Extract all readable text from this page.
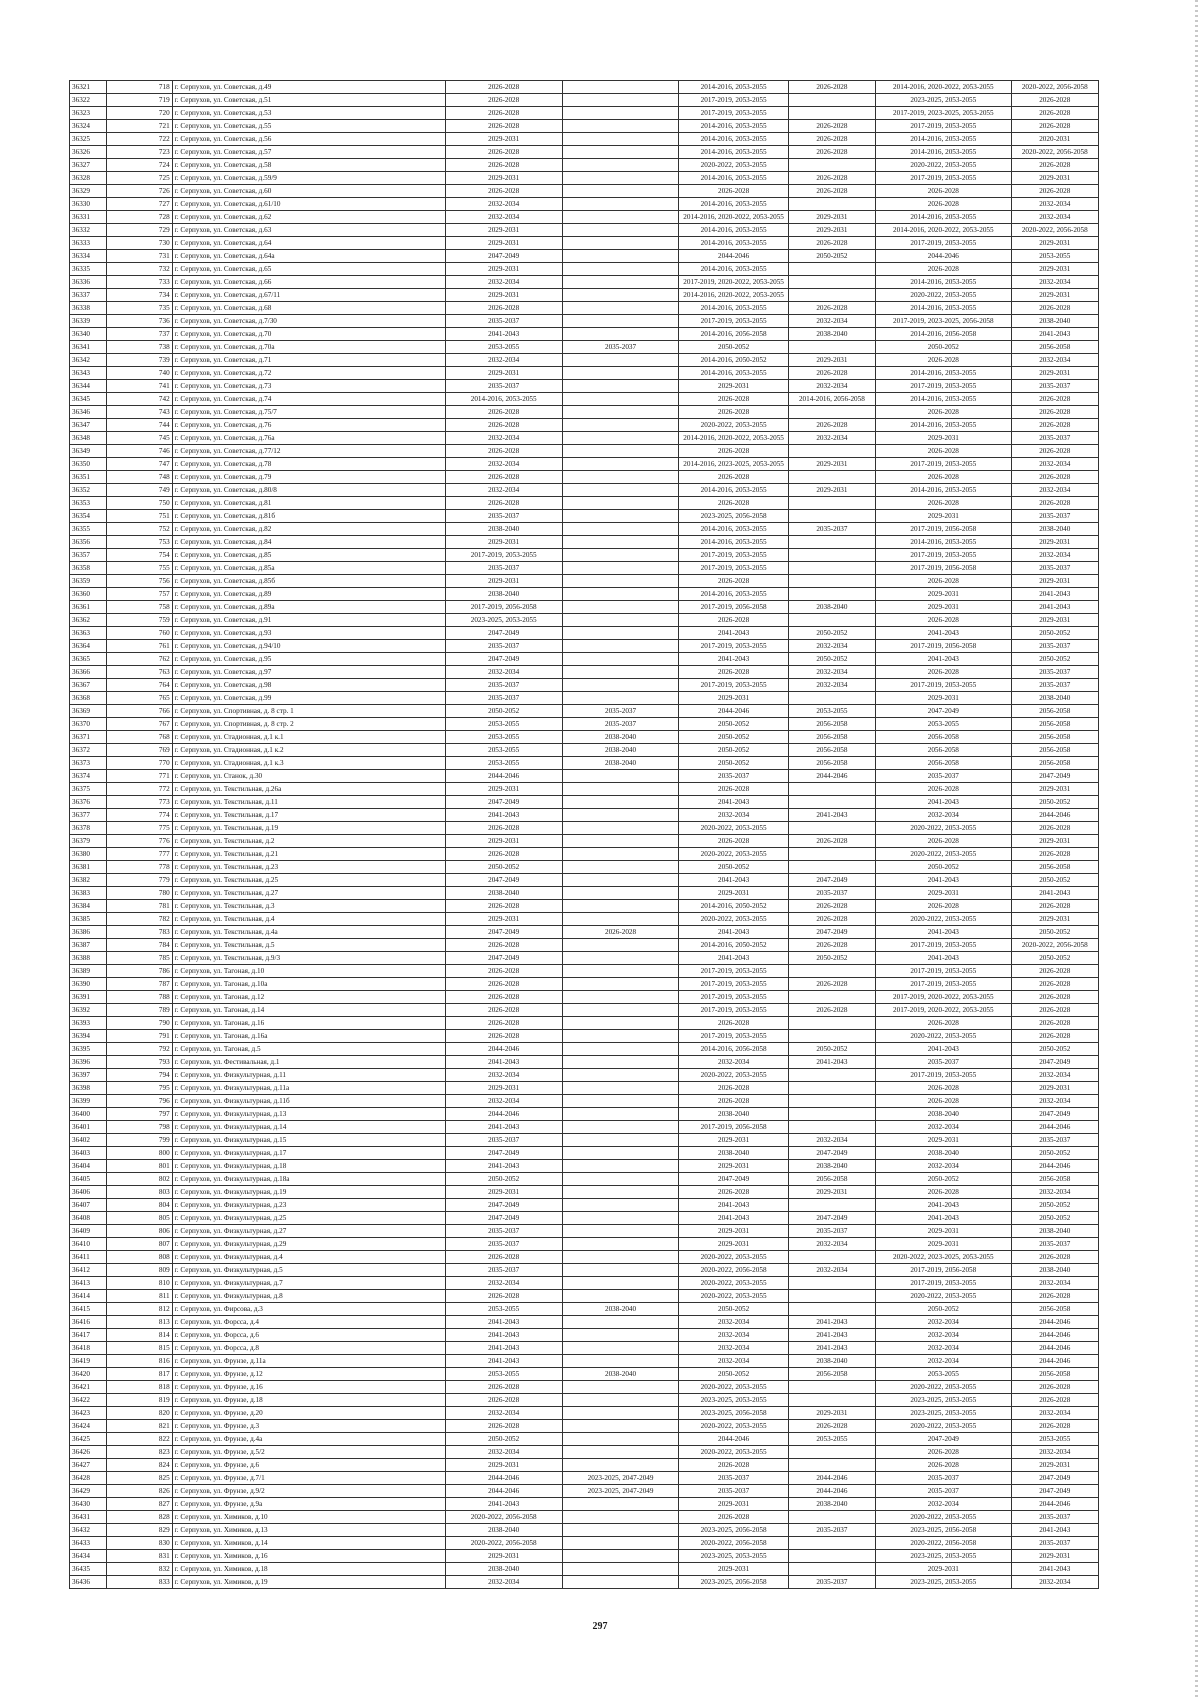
36321	718	г. Серпухов, ул. Советская, д.49	2026-2028		2014-2016, 2053-2055	2026-2028	2014-2016, 2020-2022, 2053-2055	2020-2022, 2056-2058
36322	719	г. Серпухов, ул. Советская, д.51	2026-2028		2017-2019, 2053-2055		2023-2025, 2053-2055	2026-2028
36323	720	г. Серпухов, ул. Советская, д.53	2026-2028		2017-2019, 2053-2055		2017-2019, 2023-2025, 2053-2055	2026-2028
36324	721	г. Серпухов, ул. Советская, д.55	2026-2028		2014-2016, 2053-2055	2026-2028	2017-2019, 2053-2055	2026-2028
36325	722	г. Серпухов, ул. Советская, д.56	2029-2031		2014-2016, 2053-2055	2026-2028	2014-2016, 2053-2055	2020-2031
36326	723	г. Серпухов, ул. Советская, д.57	2026-2028		2014-2016, 2053-2055	2026-2028	2014-2016, 2053-2055	2020-2022, 2056-2058
36327	724	г. Серпухов, ул. Советская, д.58	2026-2028		2020-2022, 2053-2055		2020-2022, 2053-2055	2026-2028
36328	725	г. Серпухов, ул. Советская, д.59/9	2029-2031		2014-2016, 2053-2055	2026-2028	2017-2019, 2053-2055	2029-2031
36329	726	г. Серпухов, ул. Советская, д.60	2026-2028		2026-2028	2026-2028	2026-2028	2026-2028
36330	727	г. Серпухов, ул. Советская, д.61/10	2032-2034		2014-2016, 2053-2055		2026-2028	2032-2034
36331	728	г. Серпухов, ул. Советская, д.62	2032-2034		2014-2016, 2020-2022, 2053-2055	2029-2031	2014-2016, 2053-2055	2032-2034
36332	729	г. Серпухов, ул. Советская, д.63	2029-2031		2014-2016, 2053-2055	2029-2031	2014-2016, 2020-2022, 2053-2055	2020-2022, 2056-2058
36333	730	г. Серпухов, ул. Советская, д.64	2029-2031		2014-2016, 2053-2055	2026-2028	2017-2019, 2053-2055	2029-2031
36334	731	г. Серпухов, ул. Советская, д.64а	2047-2049		2044-2046	2050-2052	2044-2046	2053-2055
36335	732	г. Серпухов, ул. Советская, д.65	2029-2031		2014-2016, 2053-2055		2026-2028	2029-2031
36336	733	г. Серпухов, ул. Советская, д.66	2032-2034		2017-2019, 2020-2022, 2053-2055		2014-2016, 2053-2055	2032-2034
36337	734	г. Серпухов, ул. Советская, д.67/11	2029-2031		2014-2016, 2020-2022, 2053-2055		2020-2022, 2053-2055	2029-2031
36338	735	г. Серпухов, ул. Советская, д.68	2026-2028		2014-2016, 2053-2055	2026-2028	2014-2016, 2053-2055	2026-2028
36339	736	г. Серпухов, ул. Советская, д.7/30	2035-2037		2017-2019, 2053-2055	2032-2034	2017-2019, 2023-2025, 2056-2058	2038-2040
36340	737	г. Серпухов, ул. Советская, д.70	2041-2043		2014-2016, 2056-2058	2038-2040	2014-2016, 2056-2058	2041-2043
36341	738	г. Серпухов, ул. Советская, д.70а	2053-2055	2035-2037	2050-2052		2050-2052	2056-2058
36342	739	г. Серпухов, ул. Советская, д.71	2032-2034		2014-2016, 2050-2052	2029-2031	2026-2028	2032-2034
36343	740	г. Серпухов, ул. Советская, д.72	2029-2031		2014-2016, 2053-2055	2026-2028	2014-2016, 2053-2055	2029-2031
36344	741	г. Серпухов, ул. Советская, д.73	2035-2037		2029-2031	2032-2034	2017-2019, 2053-2055	2035-2037
36345	742	г. Серпухов, ул. Советская, д.74	2014-2016, 2053-2055		2026-2028	2014-2016, 2056-2058	2014-2016, 2053-2055	2026-2028
36346	743	г. Серпухов, ул. Советская, д.75/7	2026-2028		2026-2028		2026-2028	2026-2028
36347	744	г. Серпухов, ул. Советская, д.76	2026-2028		2020-2022, 2053-2055	2026-2028	2014-2016, 2053-2055	2026-2028
36348	745	г. Серпухов, ул. Советская, д.76а	2032-2034		2014-2016, 2020-2022, 2053-2055	2032-2034	2029-2031	2035-2037
36349	746	г. Серпухов, ул. Советская, д.77/12	2026-2028		2026-2028		2026-2028	2026-2028
36350	747	г. Серпухов, ул. Советская, д.78	2032-2034		2014-2016, 2023-2025, 2053-2055	2029-2031	2017-2019, 2053-2055	2032-2034
36351	748	г. Серпухов, ул. Советская, д.79	2026-2028		2026-2028		2026-2028	2026-2028
36352	749	г. Серпухов, ул. Советская, д.80/8	2032-2034		2014-2016, 2053-2055	2029-2031	2014-2016, 2053-2055	2032-2034
36353	750	г. Серпухов, ул. Советская, д.81	2026-2028		2026-2028		2026-2028	2026-2028
36354	751	г. Серпухов, ул. Советская, д.81б	2035-2037		2023-2025, 2056-2058		2029-2031	2035-2037
36355	752	г. Серпухов, ул. Советская, д.82	2038-2040		2014-2016, 2053-2055	2035-2037	2017-2019, 2056-2058	2038-2040
36356	753	г. Серпухов, ул. Советская, д.84	2029-2031		2014-2016, 2053-2055		2014-2016, 2053-2055	2029-2031
36357	754	г. Серпухов, ул. Советская, д.85	2017-2019, 2053-2055		2017-2019, 2053-2055		2017-2019, 2053-2055	2032-2034
36358	755	г. Серпухов, ул. Советская, д.85а	2035-2037		2017-2019, 2053-2055		2017-2019, 2056-2058	2035-2037
36359	756	г. Серпухов, ул. Советская, д.85б	2029-2031		2026-2028		2026-2028	2029-2031
36360	757	г. Серпухов, ул. Советская, д.89	2038-2040		2014-2016, 2053-2055		2029-2031	2041-2043
36361	758	г. Серпухов, ул. Советская, д.89а	2017-2019, 2056-2058		2017-2019, 2056-2058	2038-2040	2029-2031	2041-2043
36362	759	г. Серпухов, ул. Советская, д.91	2023-2025, 2053-2055		2026-2028		2026-2028	2029-2031
36363	760	г. Серпухов, ул. Советская, д.93	2047-2049		2041-2043	2050-2052	2041-2043	2050-2052
36364	761	г. Серпухов, ул. Советская, д.94/10	2035-2037		2017-2019, 2053-2055	2032-2034	2017-2019, 2056-2058	2035-2037
36365	762	г. Серпухов, ул. Советская, д.95	2047-2049		2041-2043	2050-2052	2041-2043	2050-2052
36366	763	г. Серпухов, ул. Советская, д.97	2032-2034		2026-2028	2032-2034	2026-2028	2035-2037
36367	764	г. Серпухов, ул. Советская, д.98	2035-2037		2017-2019, 2053-2055	2032-2034	2017-2019, 2053-2055	2035-2037
36368	765	г. Серпухов, ул. Советская, д.99	2035-2037		2029-2031		2029-2031	2038-2040
36369	766	г. Серпухов, ул. Спортивная, д. 8 стр. 1	2050-2052	2035-2037	2044-2046	2053-2055	2047-2049	2056-2058
36370	767	г. Серпухов, ул. Спортивная, д. 8 стр. 2	2053-2055	2035-2037	2050-2052	2056-2058	2053-2055	2056-2058
36371	768	г. Серпухов, ул. Стадионная, д.1 к.1	2053-2055	2038-2040	2050-2052	2056-2058	2056-2058	2056-2058
36372	769	г. Серпухов, ул. Стадионная, д.1 к.2	2053-2055	2038-2040	2050-2052	2056-2058	2056-2058	2056-2058
36373	770	г. Серпухов, ул. Стадионная, д.1 к.3	2053-2055	2038-2040	2050-2052	2056-2058	2056-2058	2056-2058
36374	771	г. Серпухов, ул. Станок, д.30	2044-2046		2035-2037	2044-2046	2035-2037	2047-2049
36375	772	г. Серпухов, ул. Текстильная, д.26а	2029-2031		2026-2028		2026-2028	2029-2031
36376	773	г. Серпухов, ул. Текстильная, д.11	2047-2049		2041-2043		2041-2043	2050-2052
36377	774	г. Серпухов, ул. Текстильная, д.17	2041-2043		2032-2034	2041-2043	2032-2034	2044-2046
36378	775	г. Серпухов, ул. Текстильная, д.19	2026-2028		2020-2022, 2053-2055		2020-2022, 2053-2055	2026-2028
36379	776	г. Серпухов, ул. Текстильная, д.2	2029-2031		2026-2028	2026-2028	2026-2028	2029-2031
36380	777	г. Серпухов, ул. Текстильная, д.21	2026-2028		2020-2022, 2053-2055		2020-2022, 2053-2055	2026-2028
36381	778	г. Серпухов, ул. Текстильная, д.23	2050-2052		2050-2052		2050-2052	2056-2058
36382	779	г. Серпухов, ул. Текстильная, д.25	2047-2049		2041-2043	2047-2049	2041-2043	2050-2052
36383	780	г. Серпухов, ул. Текстильная, д.27	2038-2040		2029-2031	2035-2037	2029-2031	2041-2043
36384	781	г. Серпухов, ул. Текстильная, д.3	2026-2028		2014-2016, 2050-2052	2026-2028	2026-2028	2026-2028
36385	782	г. Серпухов, ул. Текстильная, д.4	2029-2031		2020-2022, 2053-2055	2026-2028	2020-2022, 2053-2055	2029-2031
36386	783	г. Серпухов, ул. Текстильная, д.4а	2047-2049	2026-2028	2041-2043	2047-2049	2041-2043	2050-2052
36387	784	г. Серпухов, ул. Текстильная, д.5	2026-2028		2014-2016, 2050-2052	2026-2028	2017-2019, 2053-2055	2020-2022, 2056-2058
36388	785	г. Серпухов, ул. Текстильная, д.9/3	2047-2049		2041-2043	2050-2052	2041-2043	2050-2052
36389	786	г. Серпухов, ул. Тагоная, д.10	2026-2028		2017-2019, 2053-2055		2017-2019, 2053-2055	2026-2028
36390	787	г. Серпухов, ул. Тагоная, д.10а	2026-2028		2017-2019, 2053-2055	2026-2028	2017-2019, 2053-2055	2026-2028
36391	788	г. Серпухов, ул. Тагоная, д.12	2026-2028		2017-2019, 2053-2055		2017-2019, 2020-2022, 2053-2055	2026-2028
36392	789	г. Серпухов, ул. Тагоная, д.14	2026-2028		2017-2019, 2053-2055	2026-2028	2017-2019, 2020-2022, 2053-2055	2026-2028
36393	790	г. Серпухов, ул. Тагоная, д.16	2026-2028		2026-2028		2026-2028	2026-2028
36394	791	г. Серпухов, ул. Тагоная, д.16а	2026-2028		2017-2019, 2053-2055		2020-2022, 2053-2055	2026-2028
36395	792	г. Серпухов, ул. Тагоная, д.5	2044-2046		2014-2016, 2056-2058	2050-2052	2041-2043	2050-2052
36396	793	г. Серпухов, ул. Фестивальная, д.1	2041-2043		2032-2034	2041-2043	2035-2037	2047-2049
36397	794	г. Серпухов, ул. Физкультурная, д.11	2032-2034		2020-2022, 2053-2055		2017-2019, 2053-2055	2032-2034
36398	795	г. Серпухов, ул. Физкультурная, д.11а	2029-2031		2026-2028		2026-2028	2029-2031
36399	796	г. Серпухов, ул. Физкультурная, д.11б	2032-2034		2026-2028		2026-2028	2032-2034
36400	797	г. Серпухов, ул. Физкультурная, д.13	2044-2046		2038-2040		2038-2040	2047-2049
36401	798	г. Серпухов, ул. Физкультурная, д.14	2041-2043		2017-2019, 2056-2058		2032-2034	2044-2046
36402	799	г. Серпухов, ул. Физкультурная, д.15	2035-2037		2029-2031	2032-2034	2029-2031	2035-2037
36403	800	г. Серпухов, ул. Физкультурная, д.17	2047-2049		2038-2040	2047-2049	2038-2040	2050-2052
36404	801	г. Серпухов, ул. Физкультурная, д.18	2041-2043		2029-2031	2038-2040	2032-2034	2044-2046
36405	802	г. Серпухов, ул. Физкультурная, д.18а	2050-2052		2047-2049	2056-2058	2050-2052	2056-2058
36406	803	г. Серпухов, ул. Физкультурная, д.19	2029-2031		2026-2028	2029-2031	2026-2028	2032-2034
36407	804	г. Серпухов, ул. Физкультурная, д.23	2047-2049		2041-2043		2041-2043	2050-2052
36408	805	г. Серпухов, ул. Физкультурная, д.25	2047-2049		2041-2043	2047-2049	2041-2043	2050-2052
36409	806	г. Серпухов, ул. Физкультурная, д.27	2035-2037		2029-2031	2035-2037	2029-2031	2038-2040
36410	807	г. Серпухов, ул. Физкультурная, д.29	2035-2037		2029-2031	2032-2034	2029-2031	2035-2037
36411	808	г. Серпухов, ул. Физкультурная, д.4	2026-2028		2020-2022, 2053-2055		2020-2022, 2023-2025, 2053-2055	2026-2028
36412	809	г. Серпухов, ул. Физкультурная, д.5	2035-2037		2020-2022, 2056-2058	2032-2034	2017-2019, 2056-2058	2038-2040
36413	810	г. Серпухов, ул. Физкультурная, д.7	2032-2034		2020-2022, 2053-2055		2017-2019, 2053-2055	2032-2034
36414	811	г. Серпухов, ул. Физкультурная, д.8	2026-2028		2020-2022, 2053-2055		2020-2022, 2053-2055	2026-2028
36415	812	г. Серпухов, ул. Фирсова, д.3	2053-2055	2038-2040	2050-2052		2050-2052	2056-2058
36416	813	г. Серпухов, ул. Форсса, д.4	2041-2043		2032-2034	2041-2043	2032-2034	2044-2046
36417	814	г. Серпухов, ул. Форсса, д.6	2041-2043		2032-2034	2041-2043	2032-2034	2044-2046
36418	815	г. Серпухов, ул. Форсса, д.8	2041-2043		2032-2034	2041-2043	2032-2034	2044-2046
36419	816	г. Серпухов, ул. Фрунзе, д.11а	2041-2043		2032-2034	2038-2040	2032-2034	2044-2046
36420	817	г. Серпухов, ул. Фрунзе, д.12	2053-2055	2038-2040	2050-2052	2056-2058	2053-2055	2056-2058
36421	818	г. Серпухов, ул. Фрунзе, д.16	2026-2028		2020-2022, 2053-2055		2020-2022, 2053-2055	2026-2028
36422	819	г. Серпухов, ул. Фрунзе, д.18	2026-2028		2023-2025, 2053-2055		2023-2025, 2053-2055	2026-2028
36423	820	г. Серпухов, ул. Фрунзе, д.20	2032-2034		2023-2025, 2056-2058	2029-2031	2023-2025, 2053-2055	2032-2034
36424	821	г. Серпухов, ул. Фрунзе, д.3	2026-2028		2020-2022, 2053-2055	2026-2028	2020-2022, 2053-2055	2026-2028
36425	822	г. Серпухов, ул. Фрунзе, д.4а	2050-2052		2044-2046	2053-2055	2047-2049	2053-2055
36426	823	г. Серпухов, ул. Фрунзе, д.5/2	2032-2034		2020-2022, 2053-2055		2026-2028	2032-2034
36427	824	г. Серпухов, ул. Фрунзе, д.6	2029-2031		2026-2028		2026-2028	2029-2031
36428	825	г. Серпухов, ул. Фрунзе, д.7/1	2044-2046	2023-2025, 2047-2049	2035-2037	2044-2046	2035-2037	2047-2049
36429	826	г. Серпухов, ул. Фрунзе, д.9/2	2044-2046	2023-2025, 2047-2049	2035-2037	2044-2046	2035-2037	2047-2049
36430	827	г. Серпухов, ул. Фрунзе, д.9а	2041-2043		2029-2031	2038-2040	2032-2034	2044-2046
36431	828	г. Серпухов, ул. Химиков, д.10	2020-2022, 2056-2058		2026-2028		2020-2022, 2053-2055	2035-2037
36432	829	г. Серпухов, ул. Химиков, д.13	2038-2040		2023-2025, 2056-2058	2035-2037	2023-2025, 2056-2058	2041-2043
36433	830	г. Серпухов, ул. Химиков, д.14	2020-2022, 2056-2058		2020-2022, 2056-2058		2020-2022, 2056-2058	2035-2037
36434	831	г. Серпухов, ул. Химиков, д.16	2029-2031		2023-2025, 2053-2055		2023-2025, 2053-2055	2029-2031
36435	832	г. Серпухов, ул. Химиков, д.18	2038-2040		2029-2031		2029-2031	2041-2043
36436	833	г. Серпухов, ул. Химиков, д.19	2032-2034		2023-2025, 2056-2058	2035-2037	2023-2025, 2053-2055	2032-2034
297
